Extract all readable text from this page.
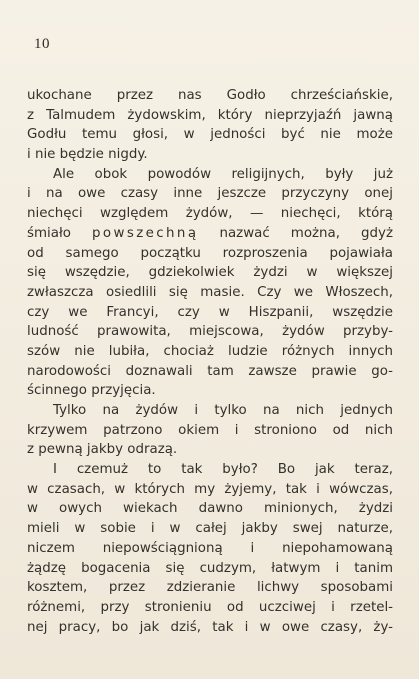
10
ukochane przez nas Godło chrześciańskie,
z Talmudem żydowskim, który nieprzyjaźń jawną
Godłu temu głosi, w jedności być nie może
i nie będzie nigdy.
Ale obok powodów religijnych, były już
i na owe czasy inne jeszcze przyczyny onej
niechęci względem żydów, — niechęci, którą
śmiało powszechną nazwać można, gdyż
od samego początku rozproszenia pojawiała
się wszędzie, gdziekolwiek żydzi w większej
zwłaszcza osiedlili się masie. Czy we Włoszech,
czy we Francyi, czy w Hiszpanii, wszędzie
ludność prawowita, miejscowa, żydów przyby-
szów nie lubiła, chociaż ludzie różnych innych
narodowości doznawali tam zawsze prawie go-
ścinnego przyjęcia.
Tylko na żydów i tylko na nich jednych
krzywem patrzono okiem i stroniono od nich
z pewną jakby odrazą.
I czemuż to tak było? Bo jak teraz,
w czasach, w których my żyjemy, tak i wówczas,
w owych wiekach dawno minionych, żydzi
mieli w sobie i w całej jakby swej naturze,
niczem niepowściągnioną i niepohamowaną
żądzę bogacenia się cudzym, łatwym i tanim
kosztem, przez zdzieranie lichwy sposobami
różnemi, przy stronieniu od uczciwej i rzetel-
nej pracy, bo jak dziś, tak i w owe czasy, ży-
